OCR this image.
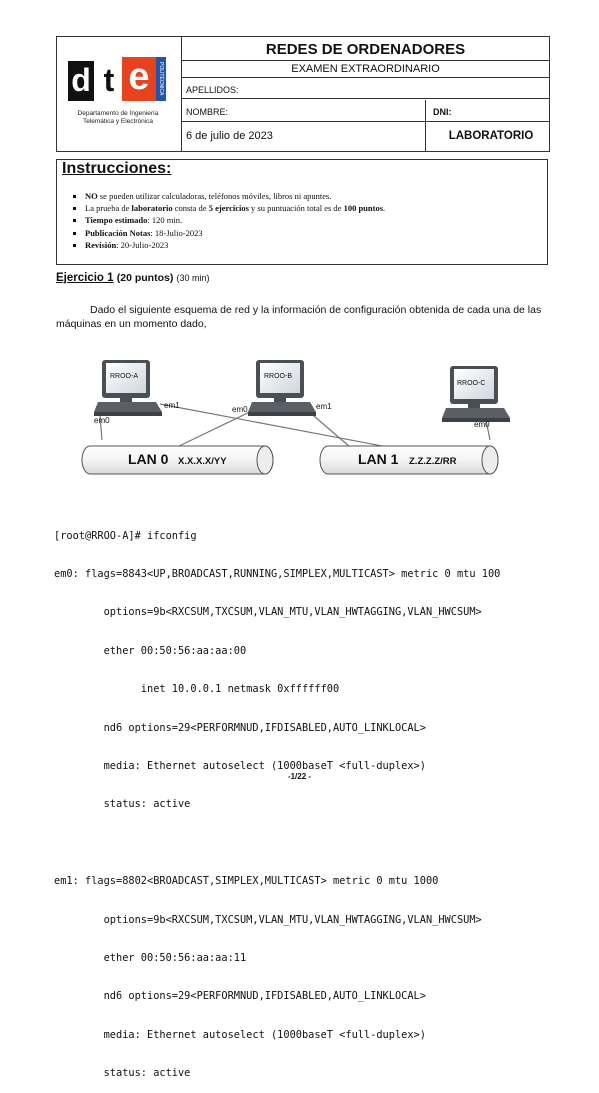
REDES DE ORDENADORES
EXAMEN EXTRAORDINARIO
APELLIDOS:
NOMBRE:	DNI:
6 de julio de 2023	LABORATORIO
d t e	POLITÉCNICA
Departamento de Ingeniería
Telemática y Electrónica
▪ NO se pueden utilizar calculadoras, teléfonos móviles, libros ni apuntes.
▪ La prueba de laboratorio consta de 5 ejercicios y su puntuación total es de 100 puntos.
▪ Tiempo estimado: 120 min.
▪ Publicación Notas: 18-Julio-2023
▪ Revisión: 20-Julio-2023
Instrucciones:
Ejercicio 1 (20 puntos) (30 min)
Dado el siguiente esquema de red y la información de configuración obtenida de cada una de las máquinas en un momento dado,
LAN 0 X.X.X.X/YY	LAN 1 Z.Z.Z.Z/RR
RROO-A	RROO-B
RROO-C
em1
em0
em0	em1
em0

[root@RROO-A]# ifconfig

em0: flags=8843<UP,BROADCAST,RUNNING,SIMPLEX,MULTICAST> metric 0 mtu 100

options=9b<RXCSUM,TXCSUM,VLAN_MTU,VLAN_HWTAGGING,VLAN_HWCSUM>

ether 00:50:56:aa:aa:00

inet 10.0.0.1 netmask 0xffffff00

nd6 options=29<PERFORMNUD,IFDISABLED,AUTO_LINKLOCAL>

media: Ethernet autoselect (1000baseT <full-duplex>)

status: active

em1: flags=8802<BROADCAST,SIMPLEX,MULTICAST> metric 0 mtu 1000

options=9b<RXCSUM,TXCSUM,VLAN_MTU,VLAN_HWTAGGING,VLAN_HWCSUM>

ether 00:50:56:aa:aa:11

nd6 options=29<PERFORMNUD,IFDISABLED,AUTO_LINKLOCAL>

media: Ethernet autoselect (1000baseT <full-duplex>)

status: active

-1/22 -
